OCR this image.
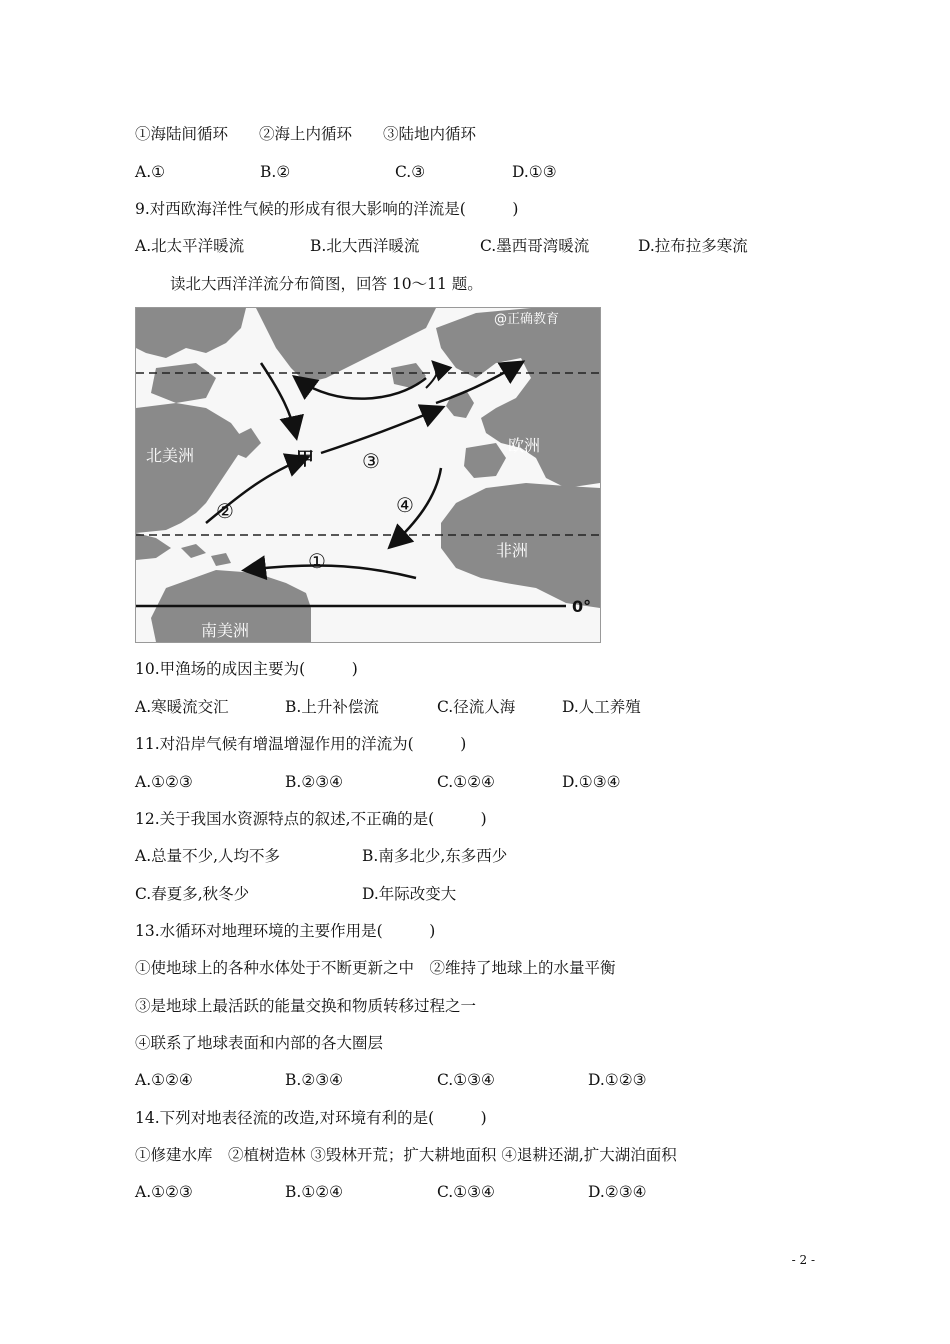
①海陆间循环　　②海上内循环　　③陆地内循环
A.①	B.②	C.③	D.①③
9.对西欧海洋性气候的形成有很大影响的洋流是(　　　)
A.北太平洋暖流	B.北大西洋暖流	C.墨西哥湾暖流	D.拉布拉多寒流
读北大西洋洋流分布简图，回答 10～11 题。
@正确教育
北美洲
欧洲
非洲
南美洲
甲
①
②
③
④
0°
10.甲渔场的成因主要为(　　　)
A.寒暖流交汇	B.上升补偿流	C.径流人海	D.人工养殖
11.对沿岸气候有增温增湿作用的洋流为(　　　)
A.①②③	B.②③④	C.①②④	D.①③④
12.关于我国水资源特点的叙述,不正确的是(　　　)
A.总量不少,人均不多	B.南多北少,东多西少
C.春夏多,秋冬少	D.年际改变大
13.水循环对地理环境的主要作用是(　　　)
①使地球上的各种水体处于不断更新之中　②维持了地球上的水量平衡
③是地球上最活跃的能量交换和物质转移过程之一
④联系了地球表面和内部的各大圈层
A.①②④	B.②③④	C.①③④	D.①②③
14.下列对地表径流的改造,对环境有利的是(　　　)
①修建水库　②植树造林 ③毁林开荒；扩大耕地面积 ④退耕还湖,扩大湖泊面积
A.①②③	B.①②④	C.①③④	D.②③④
- 2 -
